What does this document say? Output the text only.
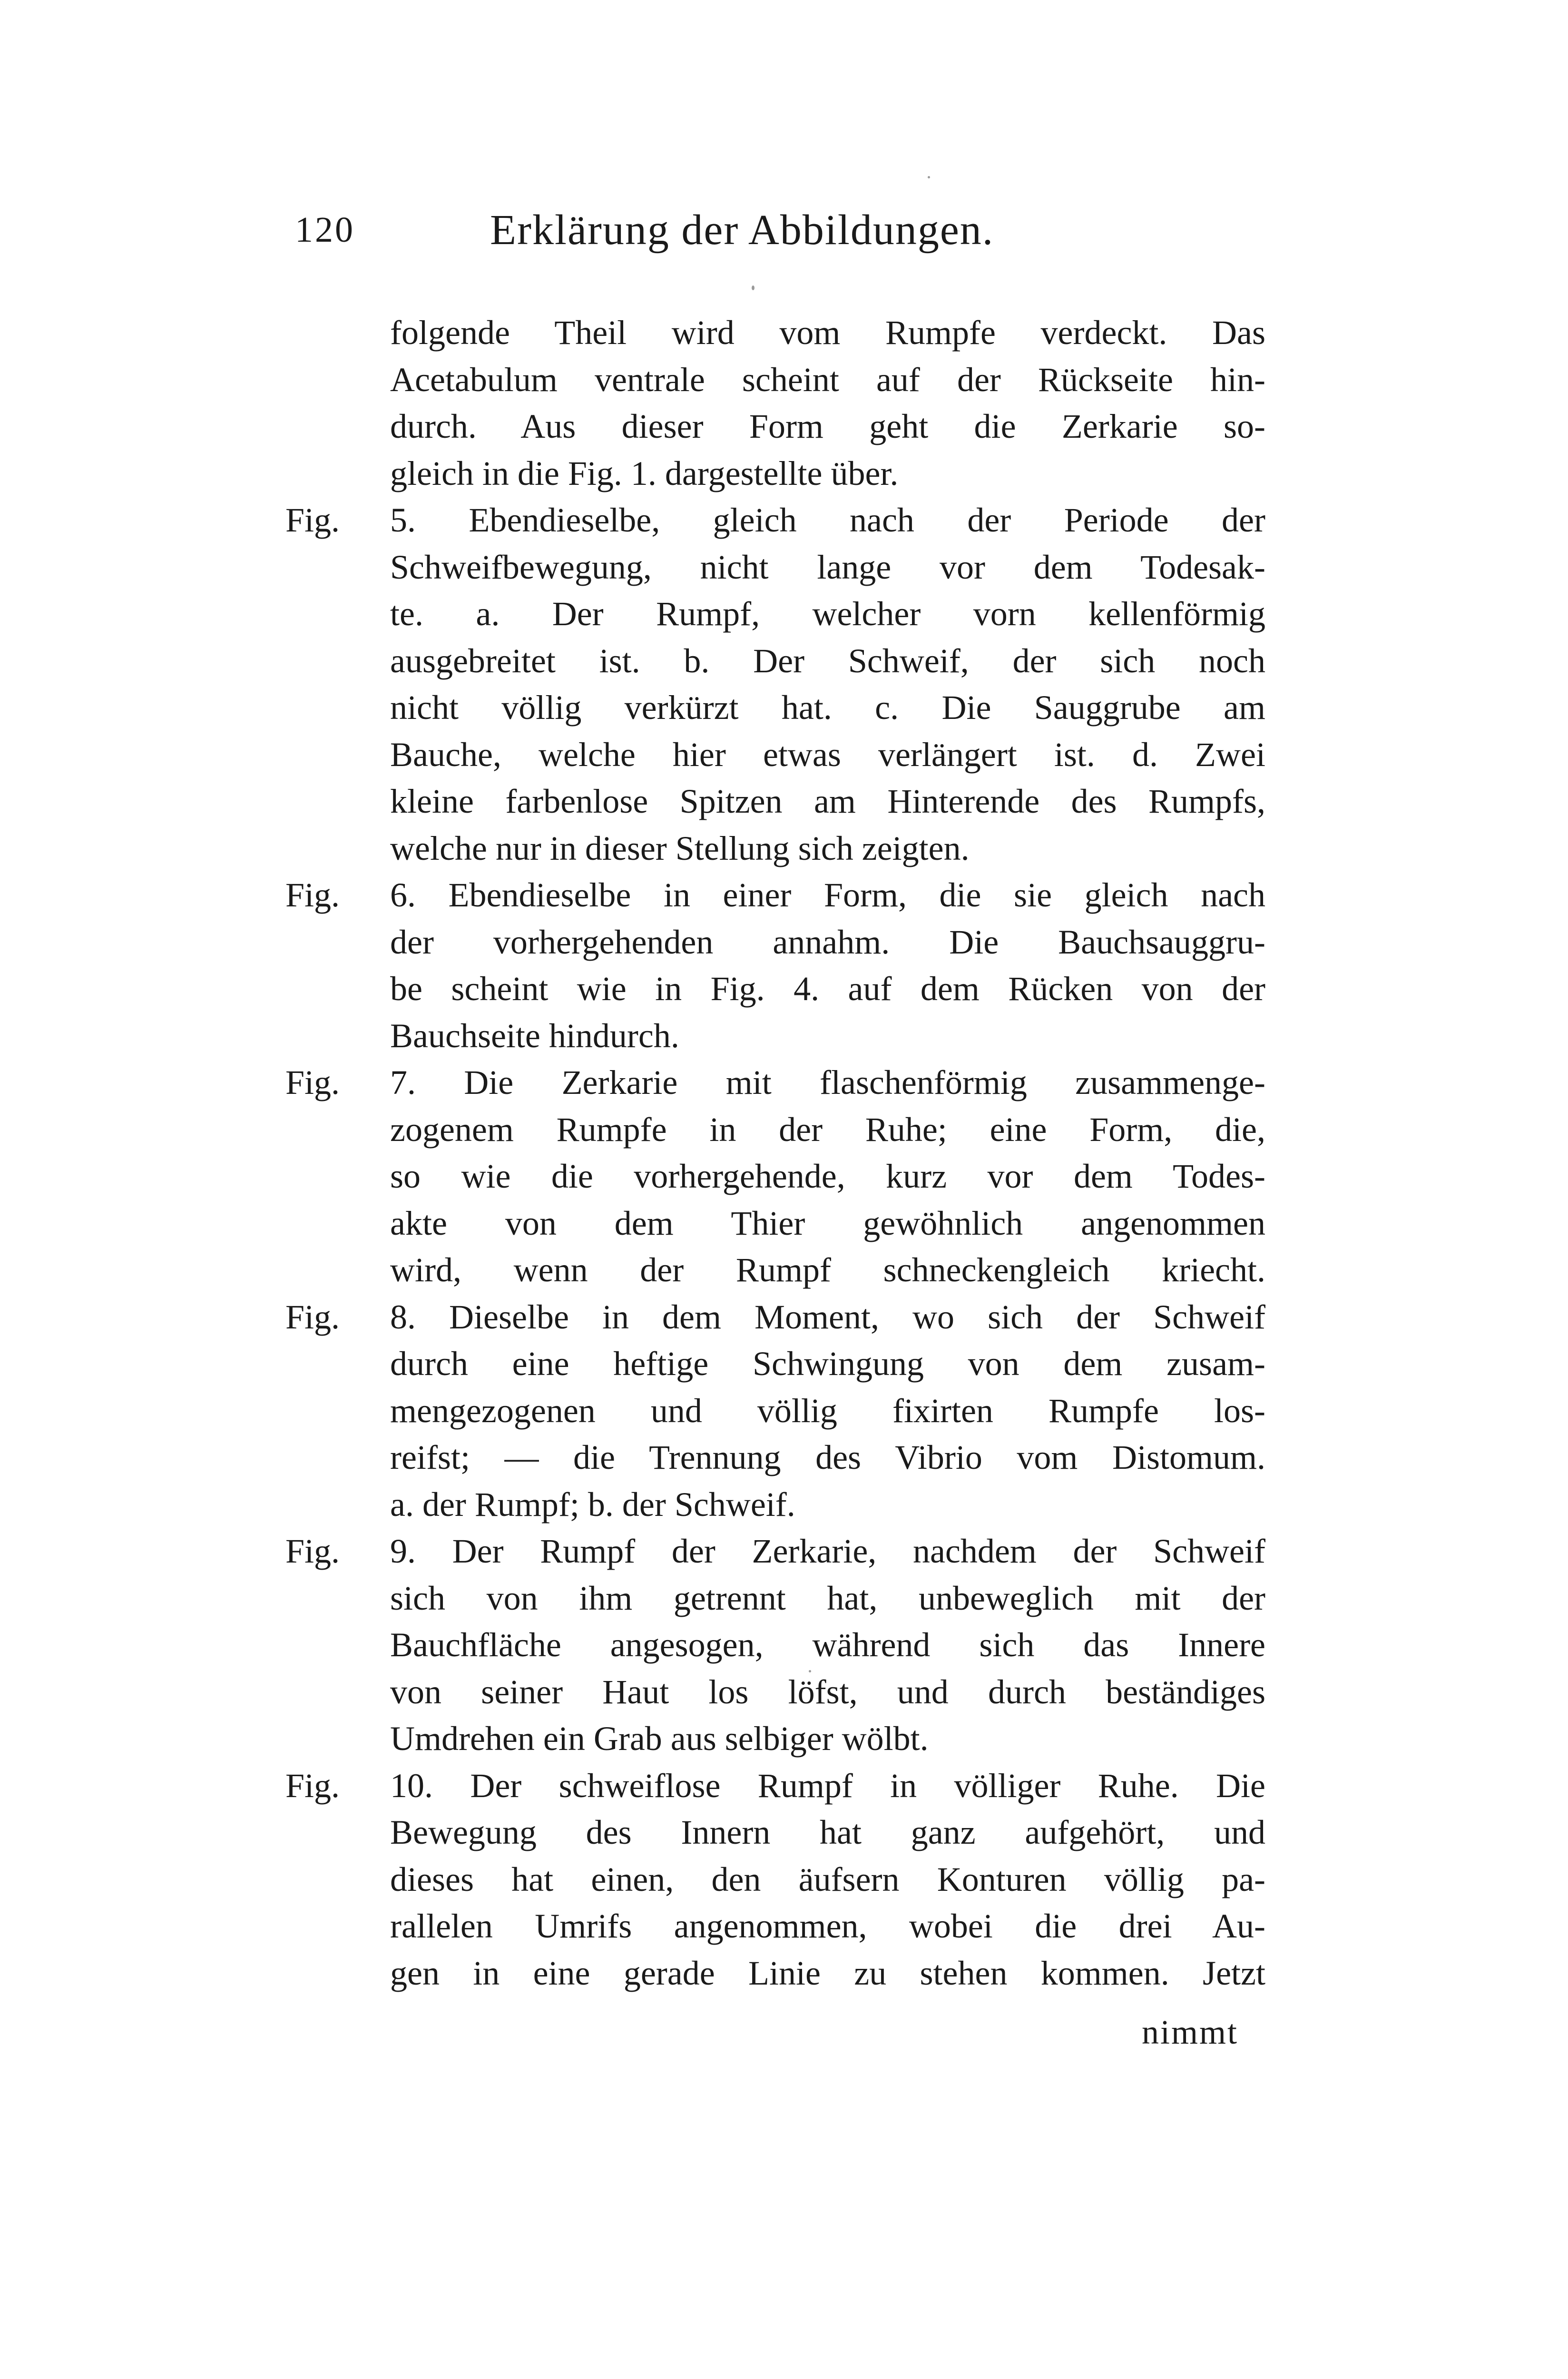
120	Erklärung der Abbildungen.
folgende Theil wird vom Rumpfe verdeckt. Das
Acetabulum ventrale scheint auf der Rückseite hin-
durch. Aus dieser Form geht die Zerkarie so-
gleich in die Fig. 1. dargestellte über.
Fig. 5. Ebendieselbe, gleich nach der Periode der
Schweifbewegung, nicht lange vor dem Todesak-
te. a. Der Rumpf, welcher vorn kellenförmig
ausgebreitet ist. b. Der Schweif, der sich noch
nicht völlig verkürzt hat. c. Die Sauggrube am
Bauche, welche hier etwas verlängert ist. d. Zwei
kleine farbenlose Spitzen am Hinterende des Rumpfs,
welche nur in dieser Stellung sich zeigten.
Fig. 6. Ebendieselbe in einer Form, die sie gleich nach
der vorhergehenden annahm. Die Bauchsauggru-
be scheint wie in Fig. 4. auf dem Rücken von der
Bauchseite hindurch.
Fig. 7. Die Zerkarie mit flaschenförmig zusammenge-
zogenem Rumpfe in der Ruhe; eine Form, die,
so wie die vorhergehende, kurz vor dem Todes-
akte von dem Thier gewöhnlich angenommen
wird, wenn der Rumpf schneckengleich kriecht.
Fig. 8. Dieselbe in dem Moment, wo sich der Schweif
durch eine heftige Schwingung von dem zusam-
mengezogenen und völlig fixirten Rumpfe los-
reifst; — die Trennung des Vibrio vom Distomum.
a. der Rumpf; b. der Schweif.
Fig. 9. Der Rumpf der Zerkarie, nachdem der Schweif
sich von ihm getrennt hat, unbeweglich mit der
Bauchfläche angesogen, während sich das Innere
von seiner Haut los löfst, und durch beständiges
Umdrehen ein Grab aus selbiger wölbt.
Fig. 10. Der schweiflose Rumpf in völliger Ruhe. Die
Bewegung des Innern hat ganz aufgehört, und
dieses hat einen, den äufsern Konturen völlig pa-
rallelen Umrifs angenommen, wobei die drei Au-
gen in eine gerade Linie zu stehen kommen. Jetzt
nimmt
